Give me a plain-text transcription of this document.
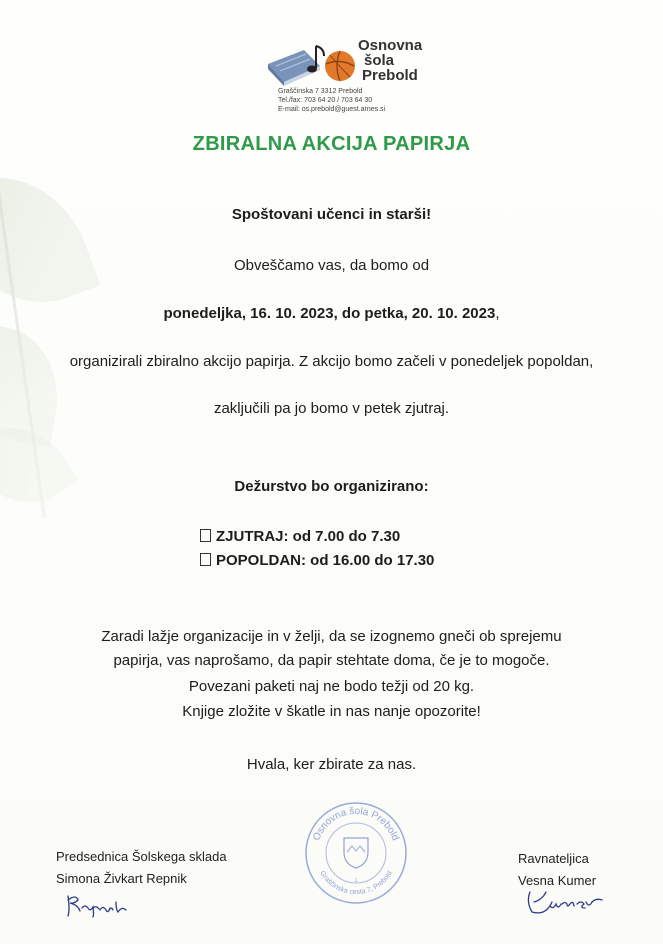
Osnovna
šola
Prebold
Graščinska 7 3312 Prebold
Tel./fax: 703 64 20 / 703 64 30
E-mail: os.prebold@guest.arnes.si
ZBIRALNA AKCIJA PAPIRJA
Spoštovani učenci in starši!
Obveščamo vas, da bomo od
ponedeljka, 16. 10. 2023, do petka, 20. 10. 2023,
organizirali zbiralno akcijo papirja. Z akcijo bomo začeli v ponedeljek popoldan,
zaključili pa jo bomo v petek zjutraj.
Dežurstvo bo organizirano:
ZJUTRAJ: od 7.00 do 7.30
POPOLDAN: od 16.00 do 17.30
Zaradi lažje organizacije in v želji, da se izognemo gneči ob sprejemu
papirja, vas naprošamo, da papir stehtate doma, če je to mogoče.
Povezani paketi naj ne bodo težji od 20 kg.
Knjige zložite v škatle in nas nanje opozorite!
Hvala, ker zbirate za nas.
Predsednica Šolskega sklada
Simona Živkart Repnik
Ravnateljica
Vesna Kumer
Osnovna šola Prebold
Graščinska cesta 7, Prebold
1
